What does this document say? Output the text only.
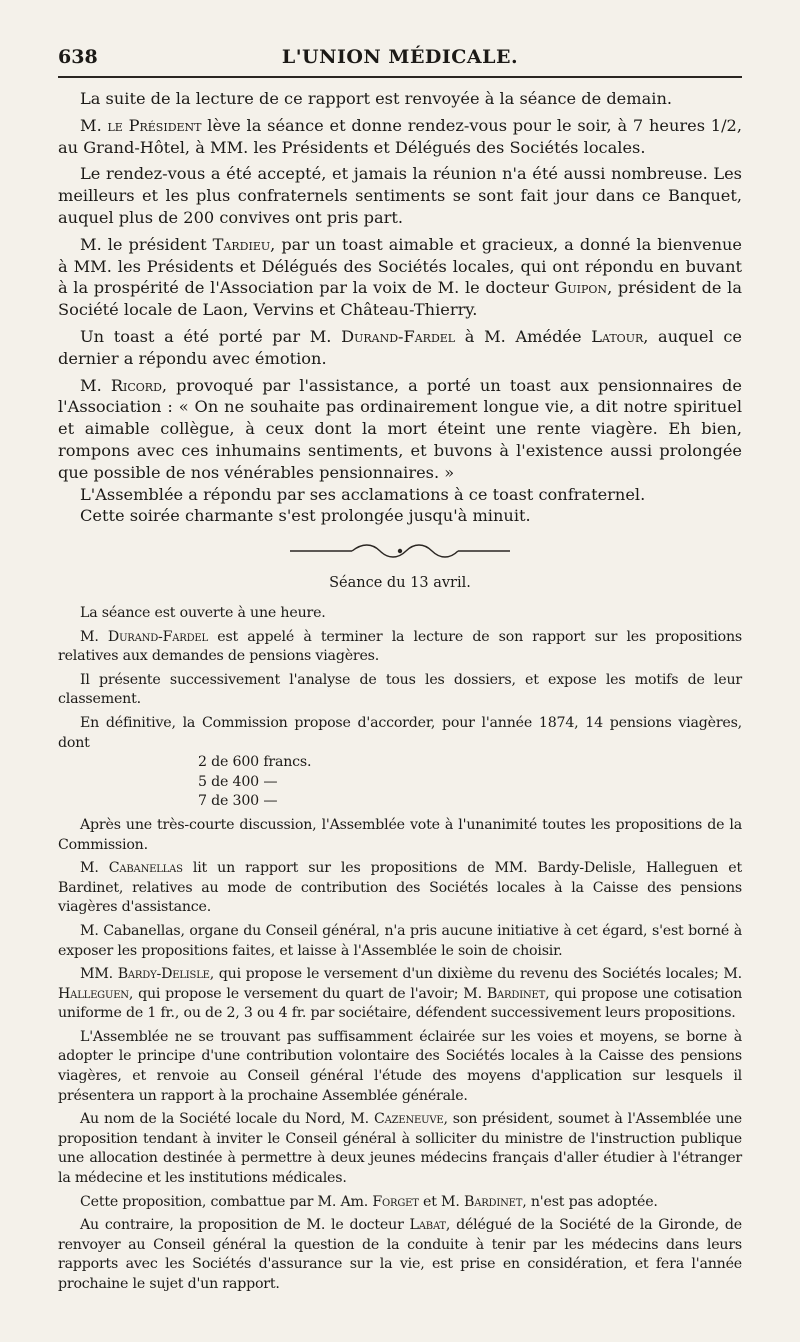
638	L'UNION MÉDICALE.

La suite de la lecture de ce rapport est renvoyée à la séance de demain.

M. le Président lève la séance et donne rendez-vous pour le soir, à 7 heures 1/2, au Grand-Hôtel, à MM. les Présidents et Délégués des Sociétés locales.

Le rendez-vous a été accepté, et jamais la réunion n'a été aussi nombreuse. Les meilleurs et les plus confraternels sentiments se sont fait jour dans ce Banquet, auquel plus de 200 convives ont pris part.

M. le président Tardieu, par un toast aimable et gracieux, a donné la bienvenue à MM. les Présidents et Délégués des Sociétés locales, qui ont répondu en buvant à la prospérité de l'Association par la voix de M. le docteur Guipon, président de la Société locale de Laon, Vervins et Château-Thierry.

Un toast a été porté par M. Durand-Fardel à M. Amédée Latour, auquel ce dernier a répondu avec émotion.

M. Ricord, provoqué par l'assistance, a porté un toast aux pensionnaires de l'Association : « On ne souhaite pas ordinairement longue vie, a dit notre spirituel et aimable collègue, à ceux dont la mort éteint une rente viagère. Eh bien, rompons avec ces inhumains sentiments, et buvons à l'existence aussi prolongée que possible de nos vénérables pensionnaires. »

L'Assemblée a répondu par ses acclamations à ce toast confraternel.

Cette soirée charmante s'est prolongée jusqu'à minuit.

Séance du 13 avril.

La séance est ouverte à une heure.

M. Durand-Fardel est appelé à terminer la lecture de son rapport sur les propositions relatives aux demandes de pensions viagères.

Il présente successivement l'analyse de tous les dossiers, et expose les motifs de leur classement.

En définitive, la Commission propose d'accorder, pour l'année 1874, 14 pensions viagères, dont

2 de 600 francs.
5 de 400 —
7 de 300 —

Après une très-courte discussion, l'Assemblée vote à l'unanimité toutes les propositions de la Commission.

M. Cabanellas lit un rapport sur les propositions de MM. Bardy-Delisle, Halleguen et Bardinet, relatives au mode de contribution des Sociétés locales à la Caisse des pensions viagères d'assistance.

M. Cabanellas, organe du Conseil général, n'a pris aucune initiative à cet égard, s'est borné à exposer les propositions faites, et laisse à l'Assemblée le soin de choisir.

MM. Bardy-Delisle, qui propose le versement d'un dixième du revenu des Sociétés locales; M. Halleguen, qui propose le versement du quart de l'avoir; M. Bardinet, qui propose une cotisation uniforme de 1 fr., ou de 2, 3 ou 4 fr. par sociétaire, défendent successivement leurs propositions.

L'Assemblée ne se trouvant pas suffisamment éclairée sur les voies et moyens, se borne à adopter le principe d'une contribution volontaire des Sociétés locales à la Caisse des pensions viagères, et renvoie au Conseil général l'étude des moyens d'application sur lesquels il présentera un rapport à la prochaine Assemblée générale.

Au nom de la Société locale du Nord, M. Cazeneuve, son président, soumet à l'Assemblée une proposition tendant à inviter le Conseil général à solliciter du ministre de l'instruction publique une allocation destinée à permettre à deux jeunes médecins français d'aller étudier à l'étranger la médecine et les institutions médicales.

Cette proposition, combattue par M. Am. Forget et M. Bardinet, n'est pas adoptée.

Au contraire, la proposition de M. le docteur Labat, délégué de la Société de la Gironde, de renvoyer au Conseil général la question de la conduite à tenir par les médecins dans leurs rapports avec les Sociétés d'assurance sur la vie, est prise en considération, et fera l'année prochaine le sujet d'un rapport.
